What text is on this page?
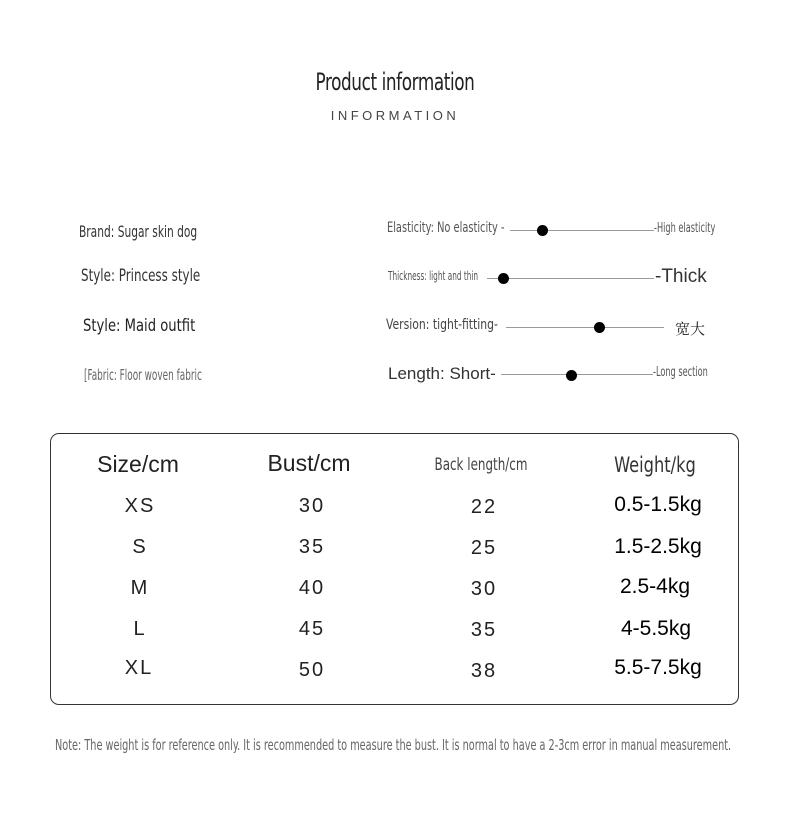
Product information
INFORMATION
Brand: Sugar skin dog
Style: Princess style
Style: Maid outfit
[Fabric: Floor woven fabric
Elasticity: No elasticity -	-High elasticity
Thickness: light and thin	-Thick
Version: tight-fitting-	宽大
Length: Short-	-Long section
Size/cm	Bust/cm	Back length/cm	Weight/kg
XS	30	22	0.5-1.5kg
S	35	25	1.5-2.5kg
M	40	30	2.5-4kg
L	45	35	4-5.5kg
XL	50	38	5.5-7.5kg
Note: The weight is for reference only. It is recommended to measure the bust. It is normal to have a 2-3cm error in manual measurement.
